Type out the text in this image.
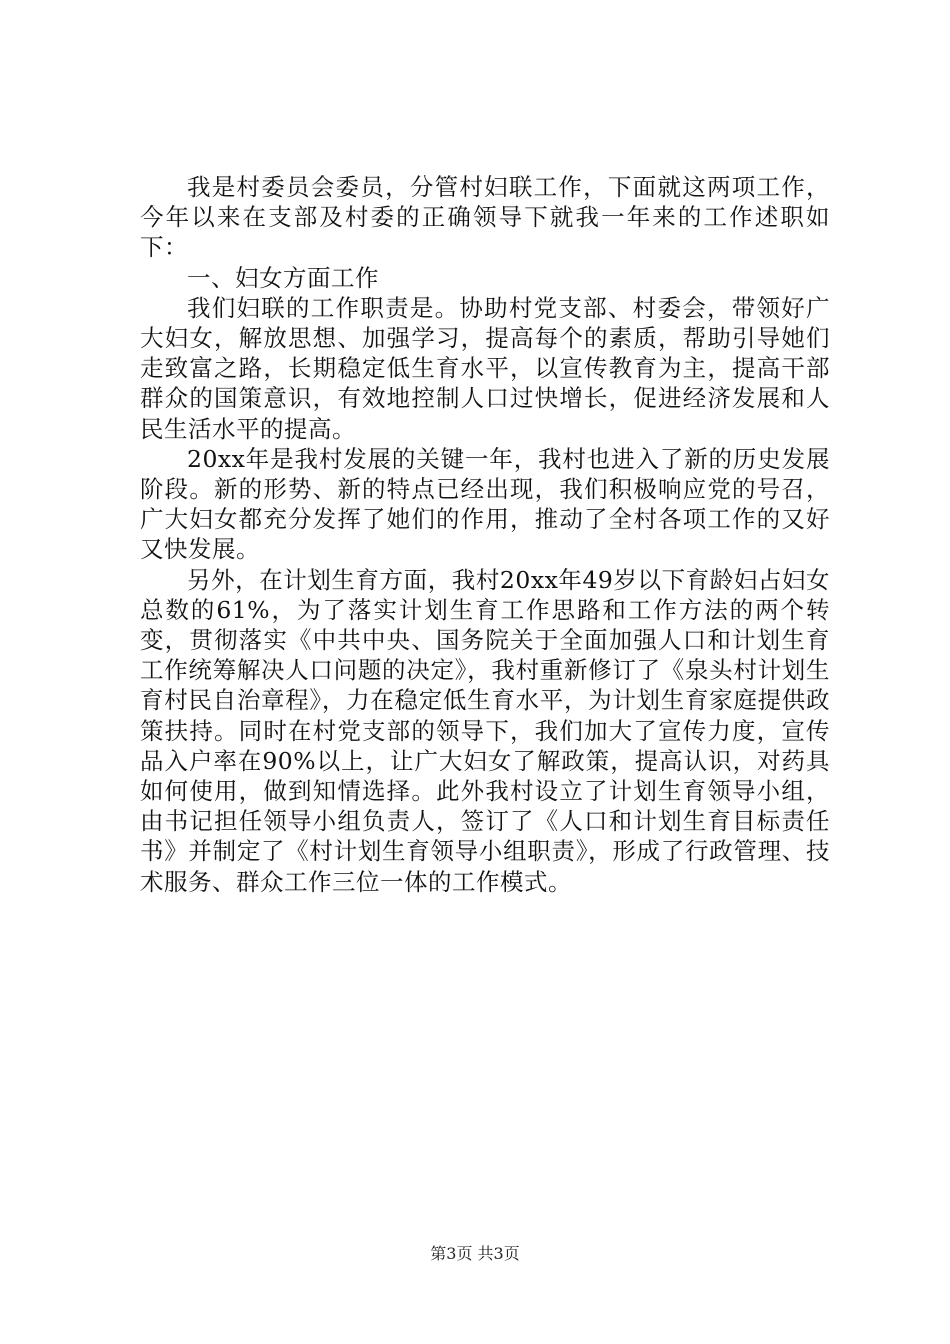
我是村委员会委员，分管村妇联工作，下面就这两项工作，今年以来在支部及村委的正确领导下就我一年来的工作述职如下：

一、妇女方面工作

我们妇联的工作职责是。协助村党支部、村委会，带领好广大妇女，解放思想、加强学习，提高每个的素质，帮助引导她们走致富之路，长期稳定低生育水平，以宣传教育为主，提高干部群众的国策意识，有效地控制人口过快增长，促进经济发展和人民生活水平的提高。

20xx年是我村发展的关键一年，我村也进入了新的历史发展阶段。新的形势、新的特点已经出现，我们积极响应党的号召，广大妇女都充分发挥了她们的作用，推动了全村各项工作的又好又快发展。

另外，在计划生育方面，我村20xx年49岁以下育龄妇占妇女总数的61%，为了落实计划生育工作思路和工作方法的两个转变，贯彻落实《中共中央、国务院关于全面加强人口和计划生育工作统筹解决人口问题的决定》，我村重新修订了《泉头村计划生育村民自治章程》，力在稳定低生育水平，为计划生育家庭提供政策扶持。同时在村党支部的领导下，我们加大了宣传力度，宣传品入户率在90%以上，让广大妇女了解政策，提高认识，对药具如何使用，做到知情选择。此外我村设立了计划生育领导小组，由书记担任领导小组负责人，签订了《人口和计划生育目标责任书》并制定了《村计划生育领导小组职责》，形成了行政管理、技术服务、群众工作三位一体的工作模式。

第3页 共3页
